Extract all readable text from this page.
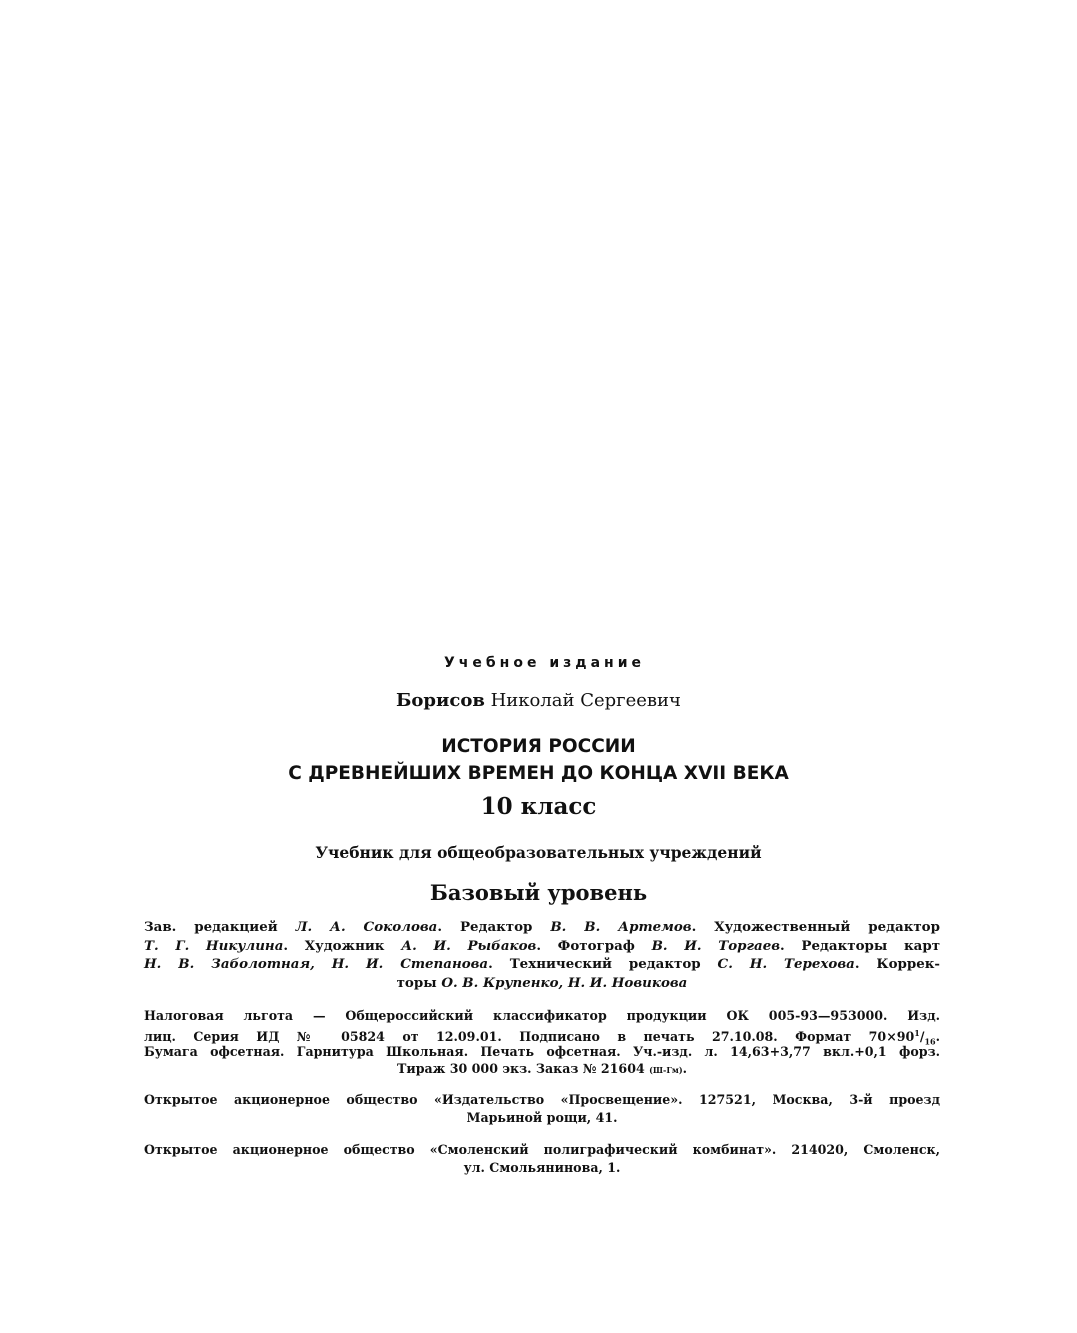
Учебное издание
Борисов Николай Сергеевич
ИСТОРИЯ РОССИИ
С ДРЕВНЕЙШИХ ВРЕМЕН ДО КОНЦА XVII ВЕКА
10 класс
Учебник для общеобразовательных учреждений
Базовый уровень
Зав. редакцией Л. А. Соколова. Редактор В. В. Артемов. Художественный редактор
Т. Г. Никулина. Художник А. И. Рыбаков. Фотограф В. И. Торгаев. Редакторы карт
Н. В. Заболотная, Н. И. Степанова. Технический редактор С. Н. Терехова. Коррек-
торы О. В. Крупенко, Н. И. Новикова
Налоговая льгота — Общероссийский классификатор продукции ОК 005-93—953000. Изд.
лиц. Серия ИД № 05824 от 12.09.01. Подписано в печать 27.10.08. Формат $70\times 90^1/_{16}$.
Бумага офсетная. Гарнитура Школьная. Печать офсетная. Уч.-изд. л. 14,63+3,77 вкл.+0,1 форз.
Тираж 30 000 экз. Заказ № 21604 (Ш-Гм).
Открытое акционерное общество «Издательство «Просвещение». 127521, Москва, 3-й проезд
Марьиной рощи, 41.
Открытое акционерное общество «Смоленский полиграфический комбинат». 214020, Смоленск,
ул. Смольянинова, 1.
